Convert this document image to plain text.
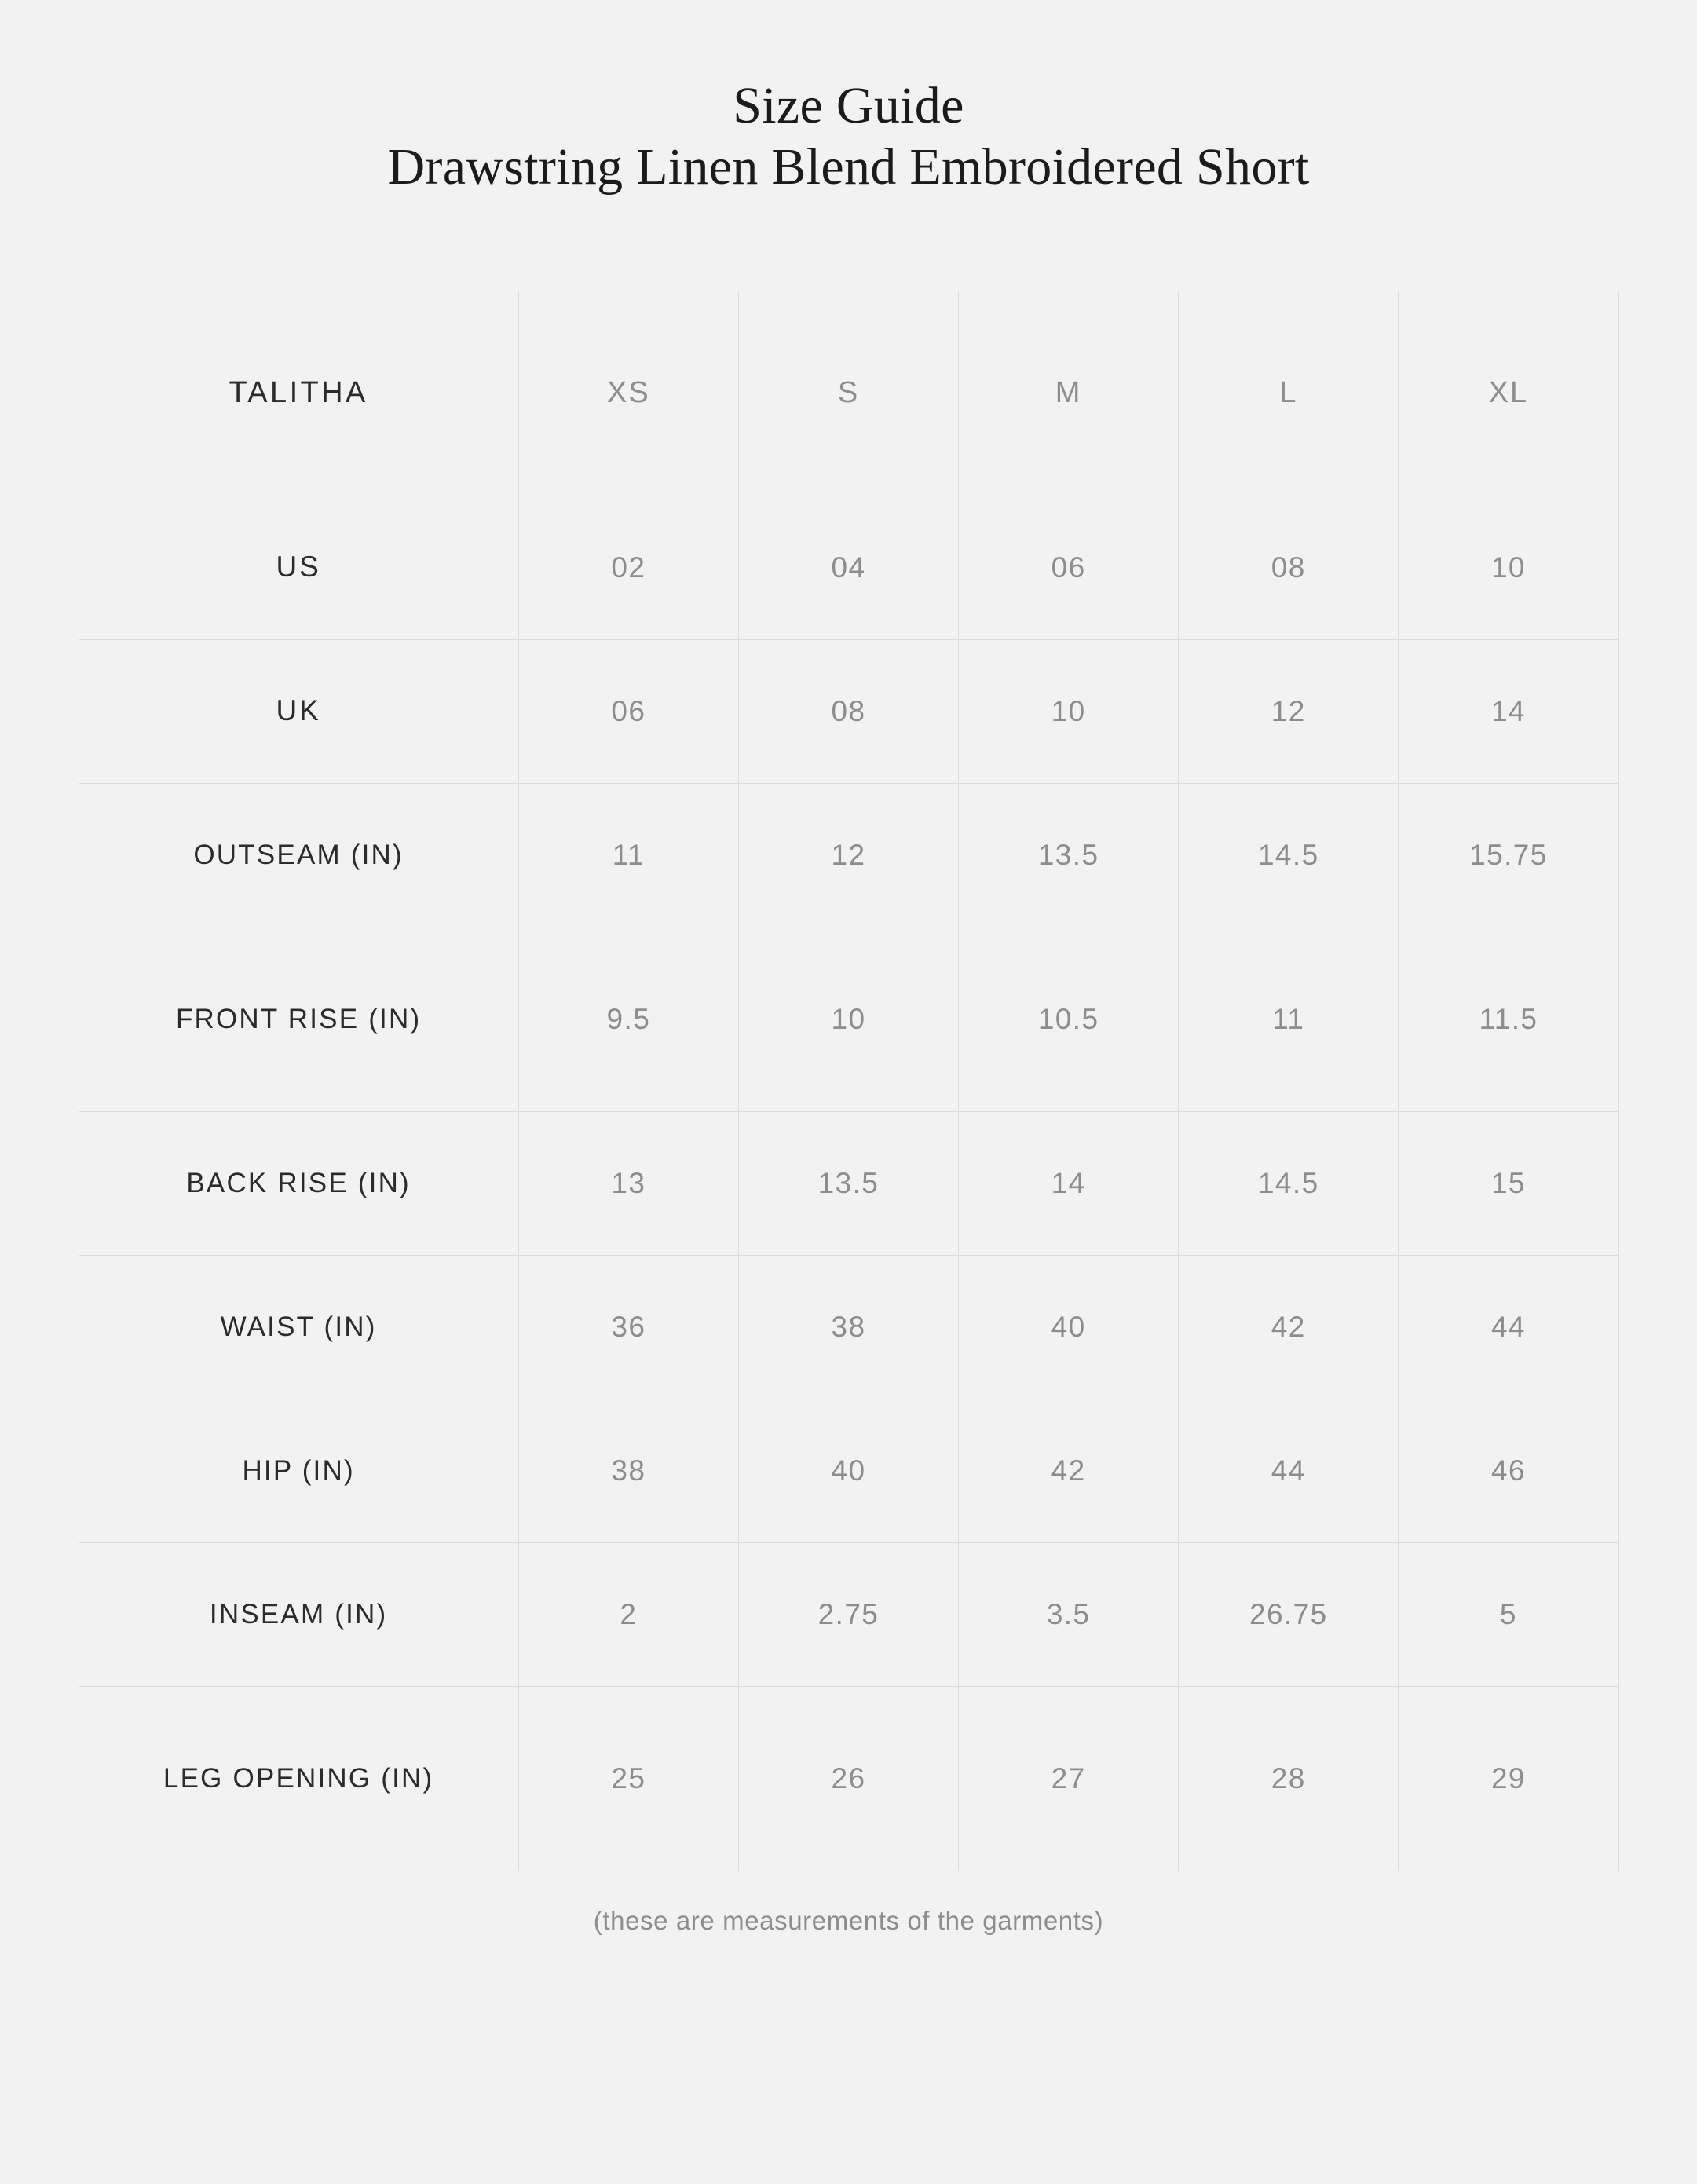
Size Guide
Drawstring Linen Blend Embroidered Short
TALITHA	XS	S	M	L	XL
US	02	04	06	08	10
UK	06	08	10	12	14
OUTSEAM (IN)	11	12	13.5	14.5	15.75
FRONT RISE (IN)	9.5	10	10.5	11	11.5
BACK RISE (IN)	13	13.5	14	14.5	15
WAIST (IN)	36	38	40	42	44
HIP (IN)	38	40	42	44	46
INSEAM (IN)	2	2.75	3.5	26.75	5
LEG OPENING (IN)	25	26	27	28	29
(these are measurements of the garments)
